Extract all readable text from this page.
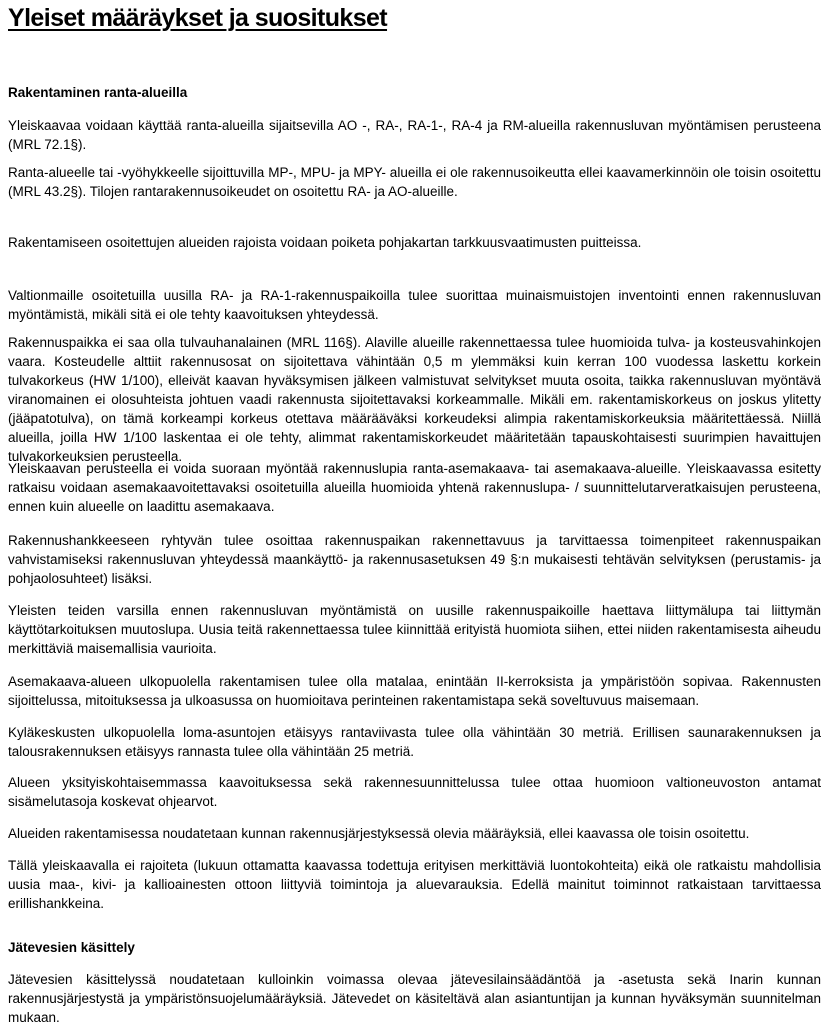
Yleiset määräykset ja suositukset
Rakentaminen ranta-alueilla

Yleiskaavaa voidaan käyttää ranta-alueilla sijaitsevilla AO -, RA-, RA-1-, RA-4 ja RM-alueilla rakennusluvan myöntämisen perusteena (MRL 72.1§).

Ranta-alueelle tai -vyöhykkeelle sijoittuvilla MP-, MPU- ja MPY- alueilla ei ole rakennusoikeutta ellei kaavamerkinnöin ole toisin osoitettu (MRL 43.2§). Tilojen rantarakennusoikeudet on osoitettu RA- ja AO-alueille.

Rakentamiseen osoitettujen alueiden rajoista voidaan poiketa pohjakartan tarkkuusvaatimusten puitteissa.

Valtionmaille osoitetuilla uusilla RA- ja RA-1-rakennuspaikoilla tulee suorittaa muinaismuistojen inventointi ennen rakennusluvan myöntämistä, mikäli sitä ei ole tehty kaavoituksen yhteydessä.

Rakennuspaikka ei saa olla tulvauhanalainen (MRL 116§). Alaville alueille rakennettaessa tulee huomioida tulva- ja kosteusvahinkojen vaara. Kosteudelle alttiit rakennusosat on sijoitettava vähintään 0,5 m ylemmäksi kuin kerran 100 vuodessa laskettu korkein tulvakorkeus (HW 1/100), elleivät kaavan hyväksymisen jälkeen valmistuvat selvitykset muuta osoita, taikka rakennusluvan myöntävä viranomainen ei olosuhteista johtuen vaadi rakennusta sijoitettavaksi korkeammalle. Mikäli em. rakentamiskorkeus on joskus ylitetty (jääpatotulva), on tämä korkeampi korkeus otettava määrääväksi korkeudeksi alimpia rakentamiskorkeuksia määritettäessä. Niillä alueilla, joilla HW 1/100 laskentaa ei ole tehty, alimmat rakentamiskorkeudet määritetään tapauskohtaisesti suurimpien havaittujen tulvakorkeuksien perusteella.

Yleiskaavan perusteella ei voida suoraan myöntää rakennuslupia ranta-asemakaava- tai asemakaava-alueille. Yleiskaavassa esitetty ratkaisu voidaan asemakaavoitettavaksi osoitetuilla alueilla huomioida yhtenä rakennuslupa- / suunnittelutarveratkaisujen perusteena, ennen kuin alueelle on laadittu asemakaava.

Rakennushankkeeseen ryhtyvän tulee osoittaa rakennuspaikan rakennettavuus ja tarvittaessa toimenpiteet rakennuspaikan vahvistamiseksi rakennusluvan yhteydessä maankäyttö- ja rakennusasetuksen 49 §:n mukaisesti tehtävän selvityksen (perustamis- ja pohjaolosuhteet) lisäksi.

Yleisten teiden varsilla ennen rakennusluvan myöntämistä on uusille rakennuspaikoille haettava liittymälupa tai liittymän käyttötarkoituksen muutoslupa. Uusia teitä rakennettaessa tulee kiinnittää erityistä huomiota siihen, ettei niiden rakentamisesta aiheudu merkittäviä maisemallisia vaurioita.

Asemakaava-alueen ulkopuolella rakentamisen tulee olla matalaa, enintään II-kerroksista ja ympäristöön sopivaa. Rakennusten sijoittelussa, mitoituksessa ja ulkoasussa on huomioitava perinteinen rakentamistapa sekä soveltuvuus maisemaan.

Kyläkeskusten ulkopuolella loma-asuntojen etäisyys rantaviivasta tulee olla vähintään 30 metriä. Erillisen saunarakennuksen ja talousrakennuksen etäisyys rannasta tulee olla vähintään 25 metriä.

Alueen yksityiskohtaisemmassa kaavoituksessa sekä rakennesuunnittelussa tulee ottaa huomioon valtioneuvoston antamat sisämelutasoja koskevat ohjearvot.

Alueiden rakentamisessa noudatetaan kunnan rakennusjärjestyksessä olevia määräyksiä, ellei kaavassa ole toisin osoitettu.

Tällä yleiskaavalla ei rajoiteta (lukuun ottamatta kaavassa todettuja erityisen merkittäviä luontokohteita) eikä ole ratkaistu mahdollisia uusia maa-, kivi- ja kallioainesten ottoon liittyviä toimintoja ja aluevarauksia. Edellä mainitut toiminnot ratkaistaan tarvittaessa erillishankkeina.

Jätevesien käsittely

Jätevesien käsittelyssä noudatetaan kulloinkin voimassa olevaa jätevesilainsäädäntöä ja -asetusta sekä Inarin kunnan rakennusjärjestystä ja ympäristönsuojelumääräyksiä. Jätevedet on käsiteltävä alan asiantuntijan ja kunnan hyväksymän suunnitelman mukaan.
